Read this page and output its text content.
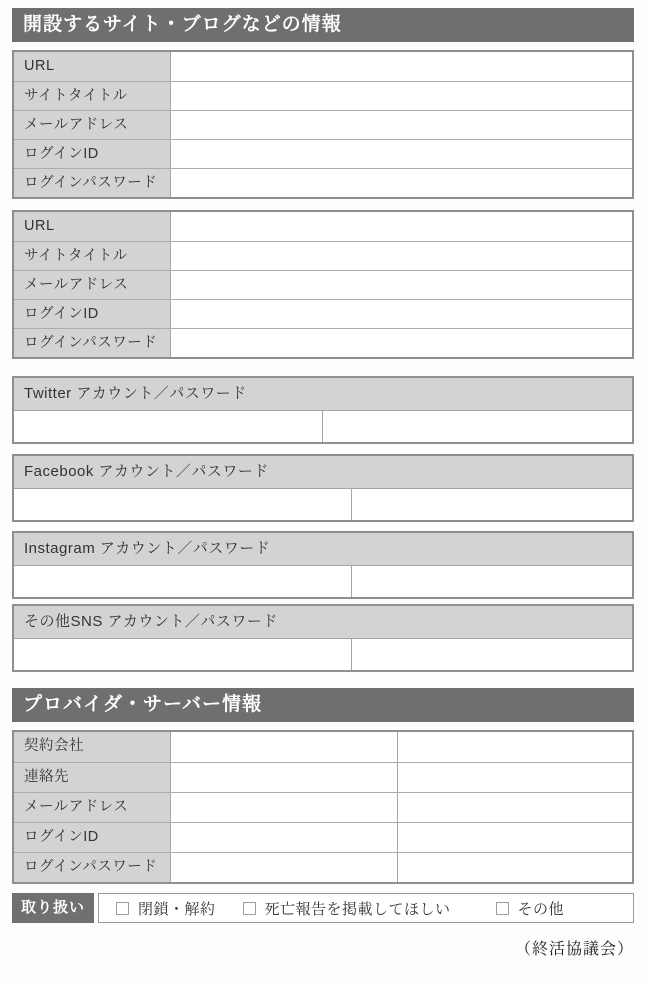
開設するサイト・ブログなどの情報
URL
サイトタイトル
メールアドレス
ログインID
ログインパスワード
URL
サイトタイトル
メールアドレス
ログインID
ログインパスワード
Twitter アカウント／パスワード
Facebook アカウント／パスワード
Instagram アカウント／パスワード
その他SNS アカウント／パスワード
プロバイダ・サーバー情報
契約会社
連絡先
メールアドレス
ログインID
ログインパスワード
取り扱い	閉鎖・解約	死亡報告を掲載してほしい	その他
（終活協議会）
